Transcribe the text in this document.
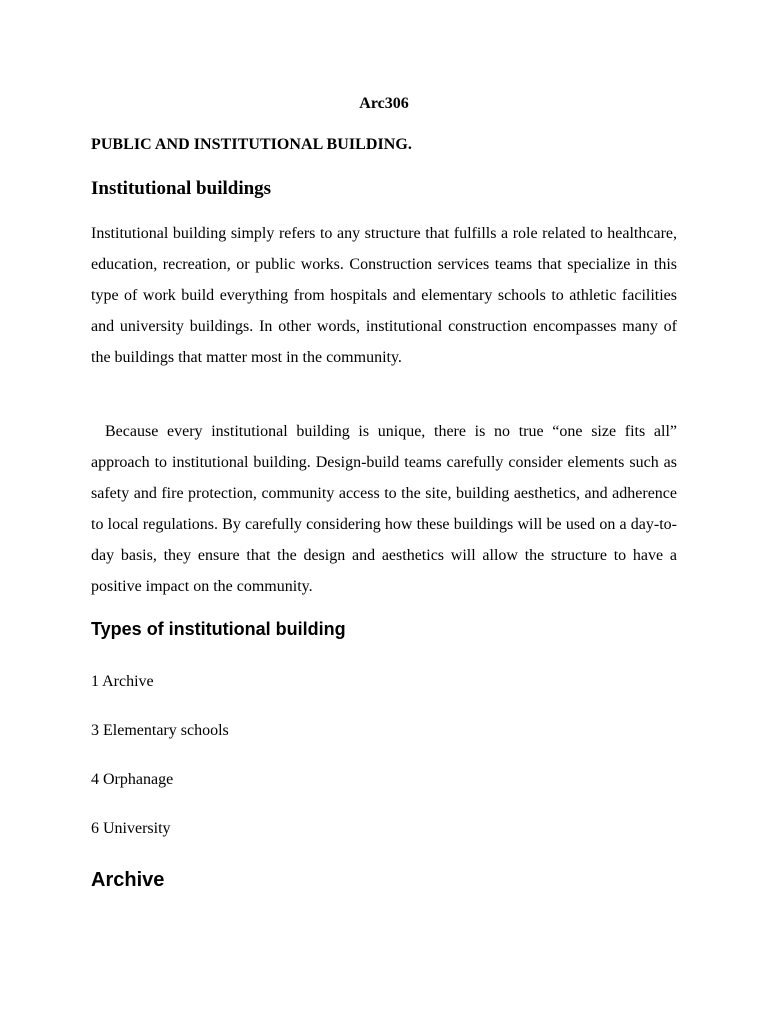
Arc306
PUBLIC AND INSTITUTIONAL BUILDING.
Institutional buildings

Institutional building simply refers to any structure that fulfills a role related to healthcare, education, recreation, or public works. Construction services teams that specialize in this type of work build everything from hospitals and elementary schools to athletic facilities and university buildings. In other words, institutional construction encompasses many of the buildings that matter most in the community.

Because every institutional building is unique, there is no true “one size fits all” approach to institutional building. Design-build teams carefully consider elements such as safety and fire protection, community access to the site, building aesthetics, and adherence to local regulations. By carefully considering how these buildings will be used on a day-to-day basis, they ensure that the design and aesthetics will allow the structure to have a positive impact on the community.

Types of institutional building
1 Archive
3 Elementary schools
4 Orphanage
6 University
Archive
